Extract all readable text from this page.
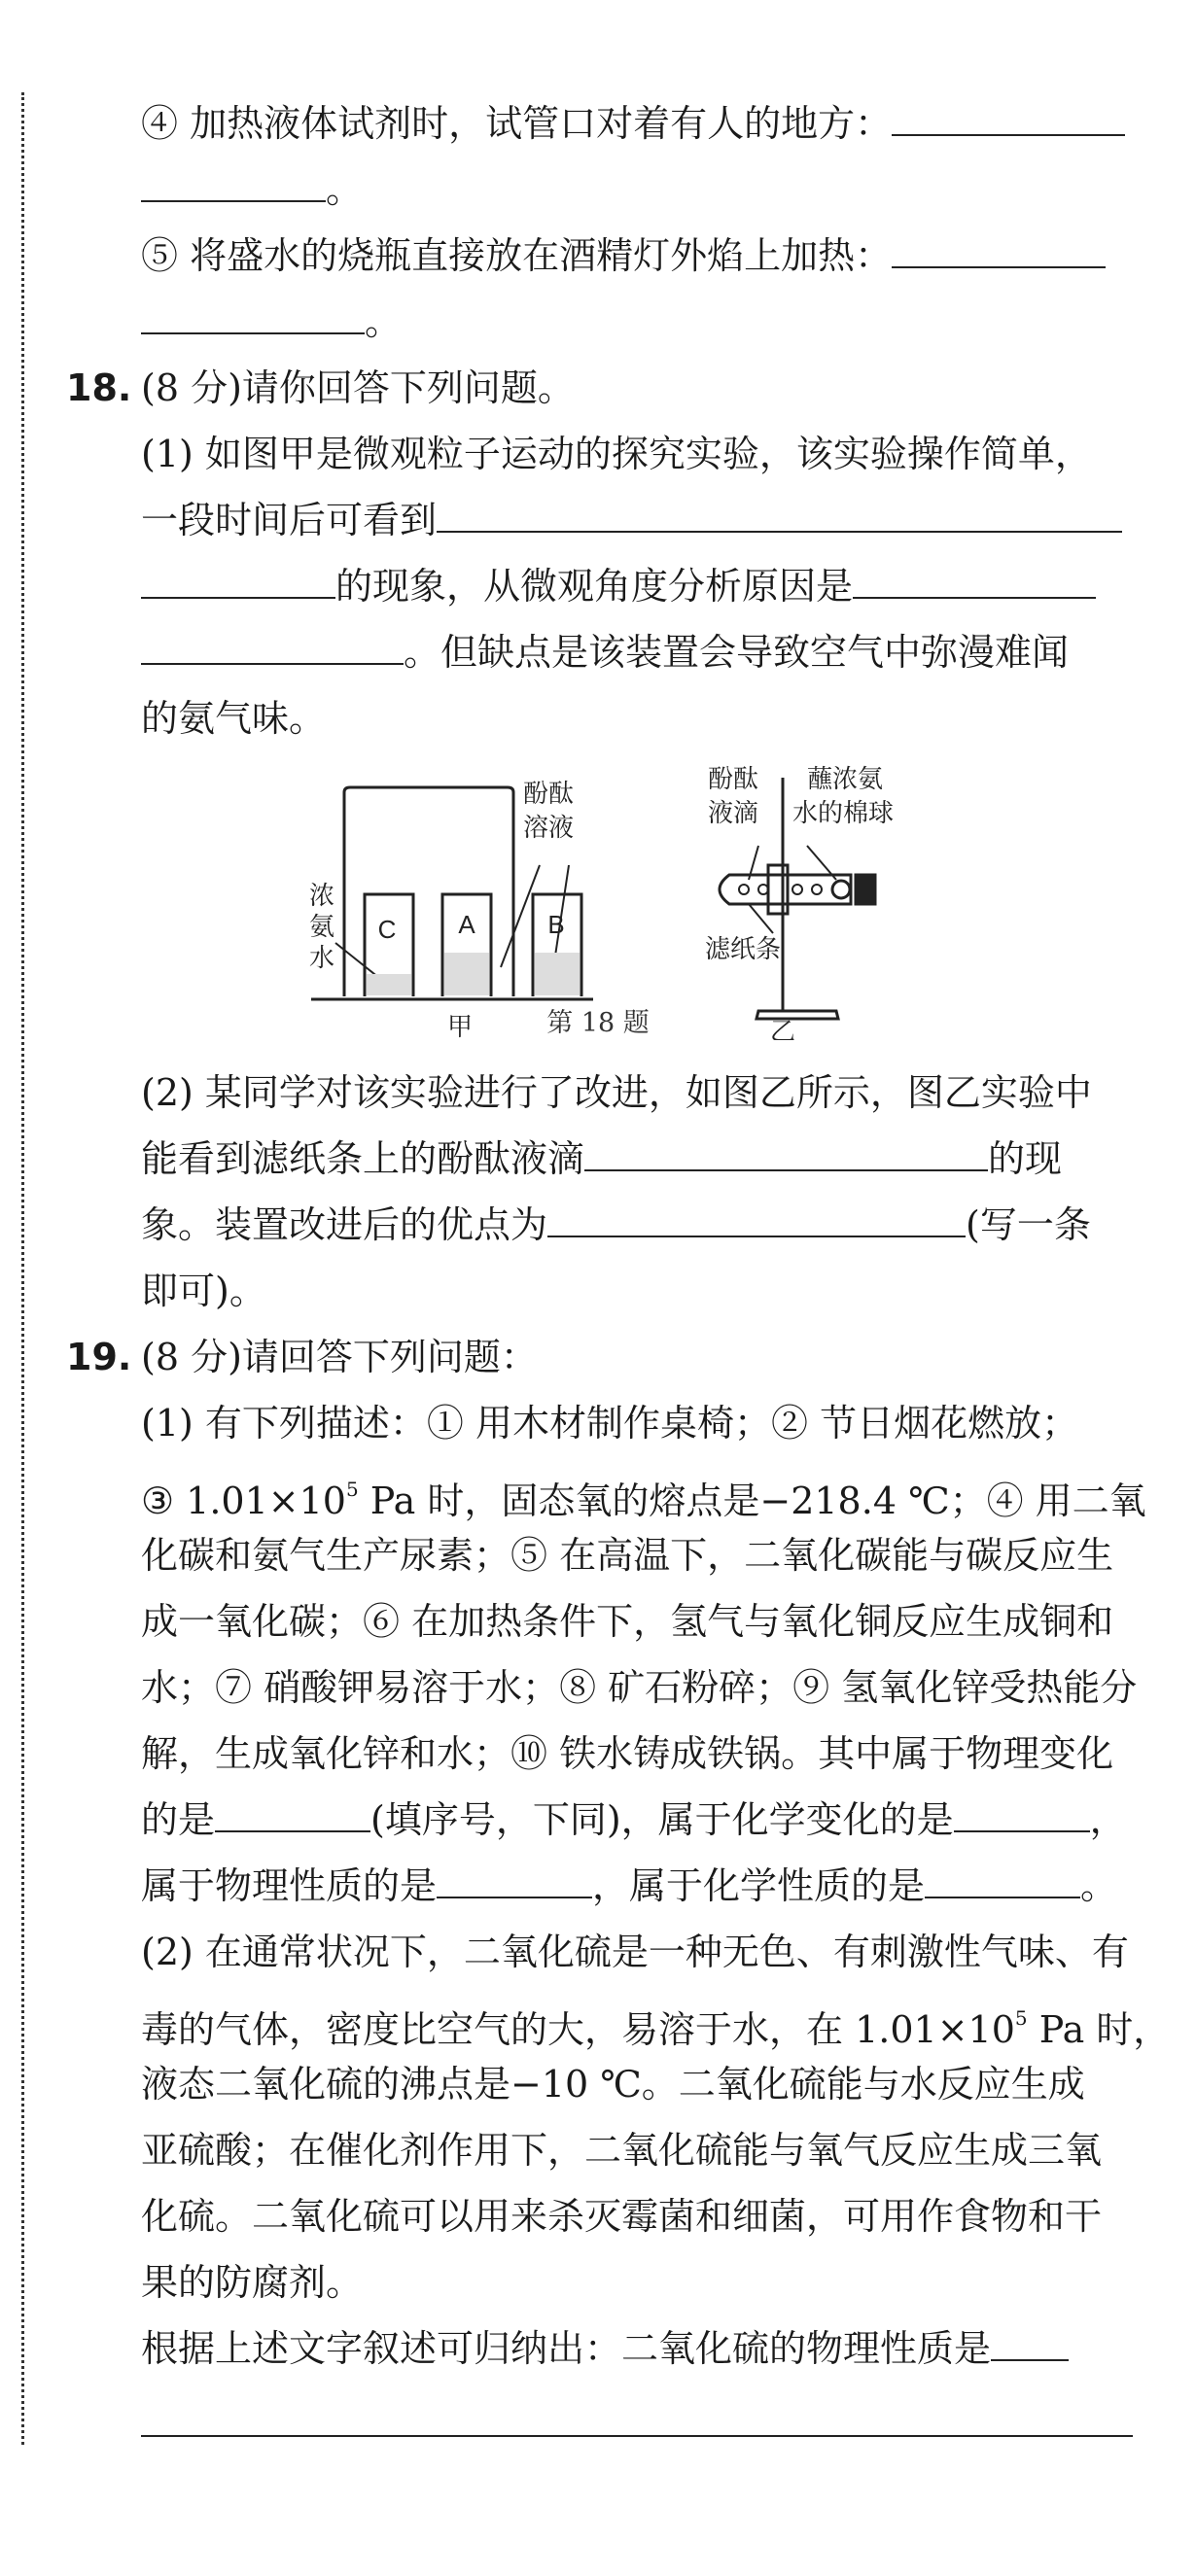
④ 加热液体试剂时，试管口对着有人的地方：
。
⑤ 将盛水的烧瓶直接放在酒精灯外焰上加热：
。
18. (8 分)请你回答下列问题。
(1) 如图甲是微观粒子运动的探究实验，该实验操作简单，
一段时间后可看到
的现象，从微观角度分析原因是
。但缺点是该装置会导致空气中弥漫难闻
的氨气味。
C A	B
浓
氨
水
酚酞
溶液
甲
酚酞
液滴
蘸浓氨
水的棉球
滤纸条
乙
第 18 题
(2) 某同学对该实验进行了改进，如图乙所示，图乙实验中
能看到滤纸条上的酚酞液滴	的现
象。装置改进后的优点为	(写一条
即可)。
19. (8 分)请回答下列问题：
(1) 有下列描述：① 用木材制作桌椅；② 节日烟花燃放；
③ $1.01\times 10^5$ Pa 时，固态氧的熔点是−218.4 ℃；④ 用二氧
化碳和氨气生产尿素；⑤ 在高温下，二氧化碳能与碳反应生
成一氧化碳；⑥ 在加热条件下，氢气与氧化铜反应生成铜和
水；⑦ 硝酸钾易溶于水；⑧ 矿石粉碎；⑨ 氢氧化锌受热能分
解，生成氧化锌和水；⑩ 铁水铸成铁锅。其中属于物理变化
的是	(填序号，下同)，属于化学变化的是	，
属于物理性质的是	，属于化学性质的是	。
(2) 在通常状况下，二氧化硫是一种无色、有刺激性气味、有
毒的气体，密度比空气的大，易溶于水，在 $1.01\times 10^5$ Pa 时，
液态二氧化硫的沸点是−10 ℃。二氧化硫能与水反应生成
亚硫酸；在催化剂作用下，二氧化硫能与氧气反应生成三氧
化硫。二氧化硫可以用来杀灭霉菌和细菌，可用作食物和干
果的防腐剂。
根据上述文字叙述可归纳出：二氧化硫的物理性质是
